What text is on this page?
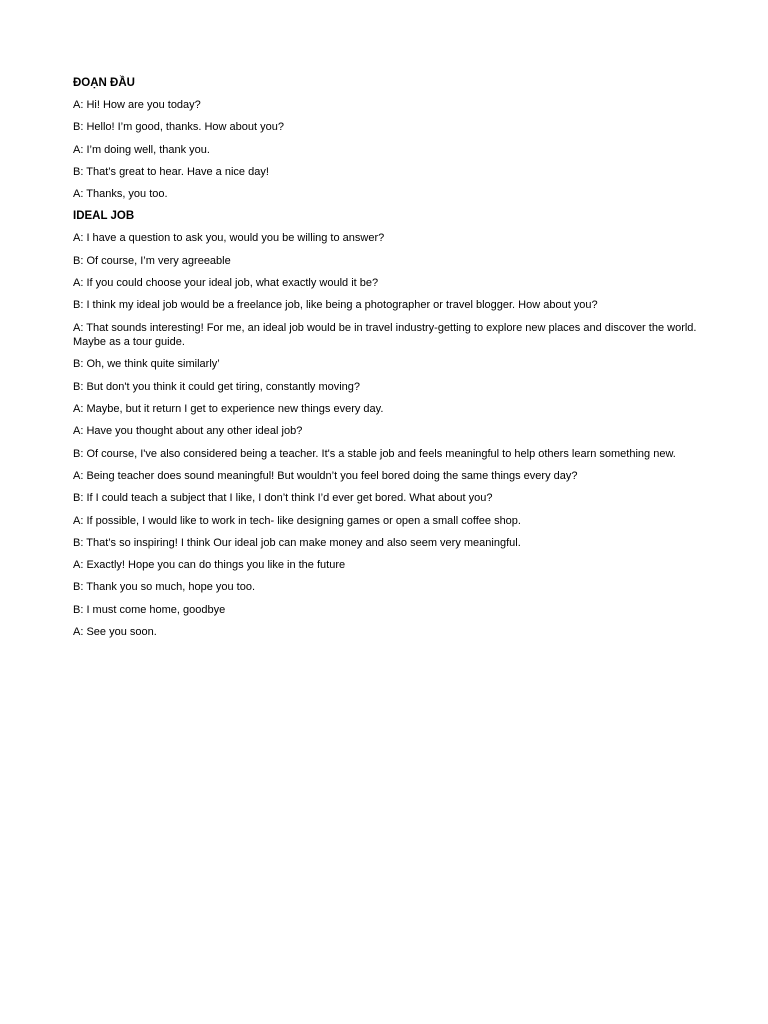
ĐOẠN ĐẦU
A: Hi! How are you today?
B: Hello! I’m good, thanks. How about you?
A: I’m doing well, thank you.
B: That’s great to hear. Have a nice day!
A: Thanks, you too.
IDEAL JOB
A: I have a question to ask you, would you be willing to answer?
B: Of course, I’m very agreeable
A: If you could choose your ideal job, what exactly would it be?
B: I think my ideal job would be a freelance job, like being a photographer or travel blogger. How about you?
A: That sounds interesting! For me, an ideal job would be in travel industry-getting to explore new places and discover the world. Maybe as a tour guide.
B: Oh, we think quite similarly’
B: But don't you think it could get tiring, constantly moving?
A: Maybe, but it return I get to experience new things every day.
A: Have you thought about any other ideal job?
B: Of course, I've also considered being a teacher. It's a stable job and feels meaningful to help others learn something new.
A: Being teacher does sound meaningful! But wouldn’t you feel bored doing the same things every day?
B: If I could teach a subject that I like, I don’t think I’d ever get bored. What about you?
A: If possible, I would like to work in tech- like designing games or open a small coffee shop.
B: That’s so inspiring! I think Our ideal job can make money and also seem very meaningful.
A: Exactly! Hope you can do things you like in the future
B: Thank you so much, hope you too.
B: I must come home, goodbye
A: See you soon.
